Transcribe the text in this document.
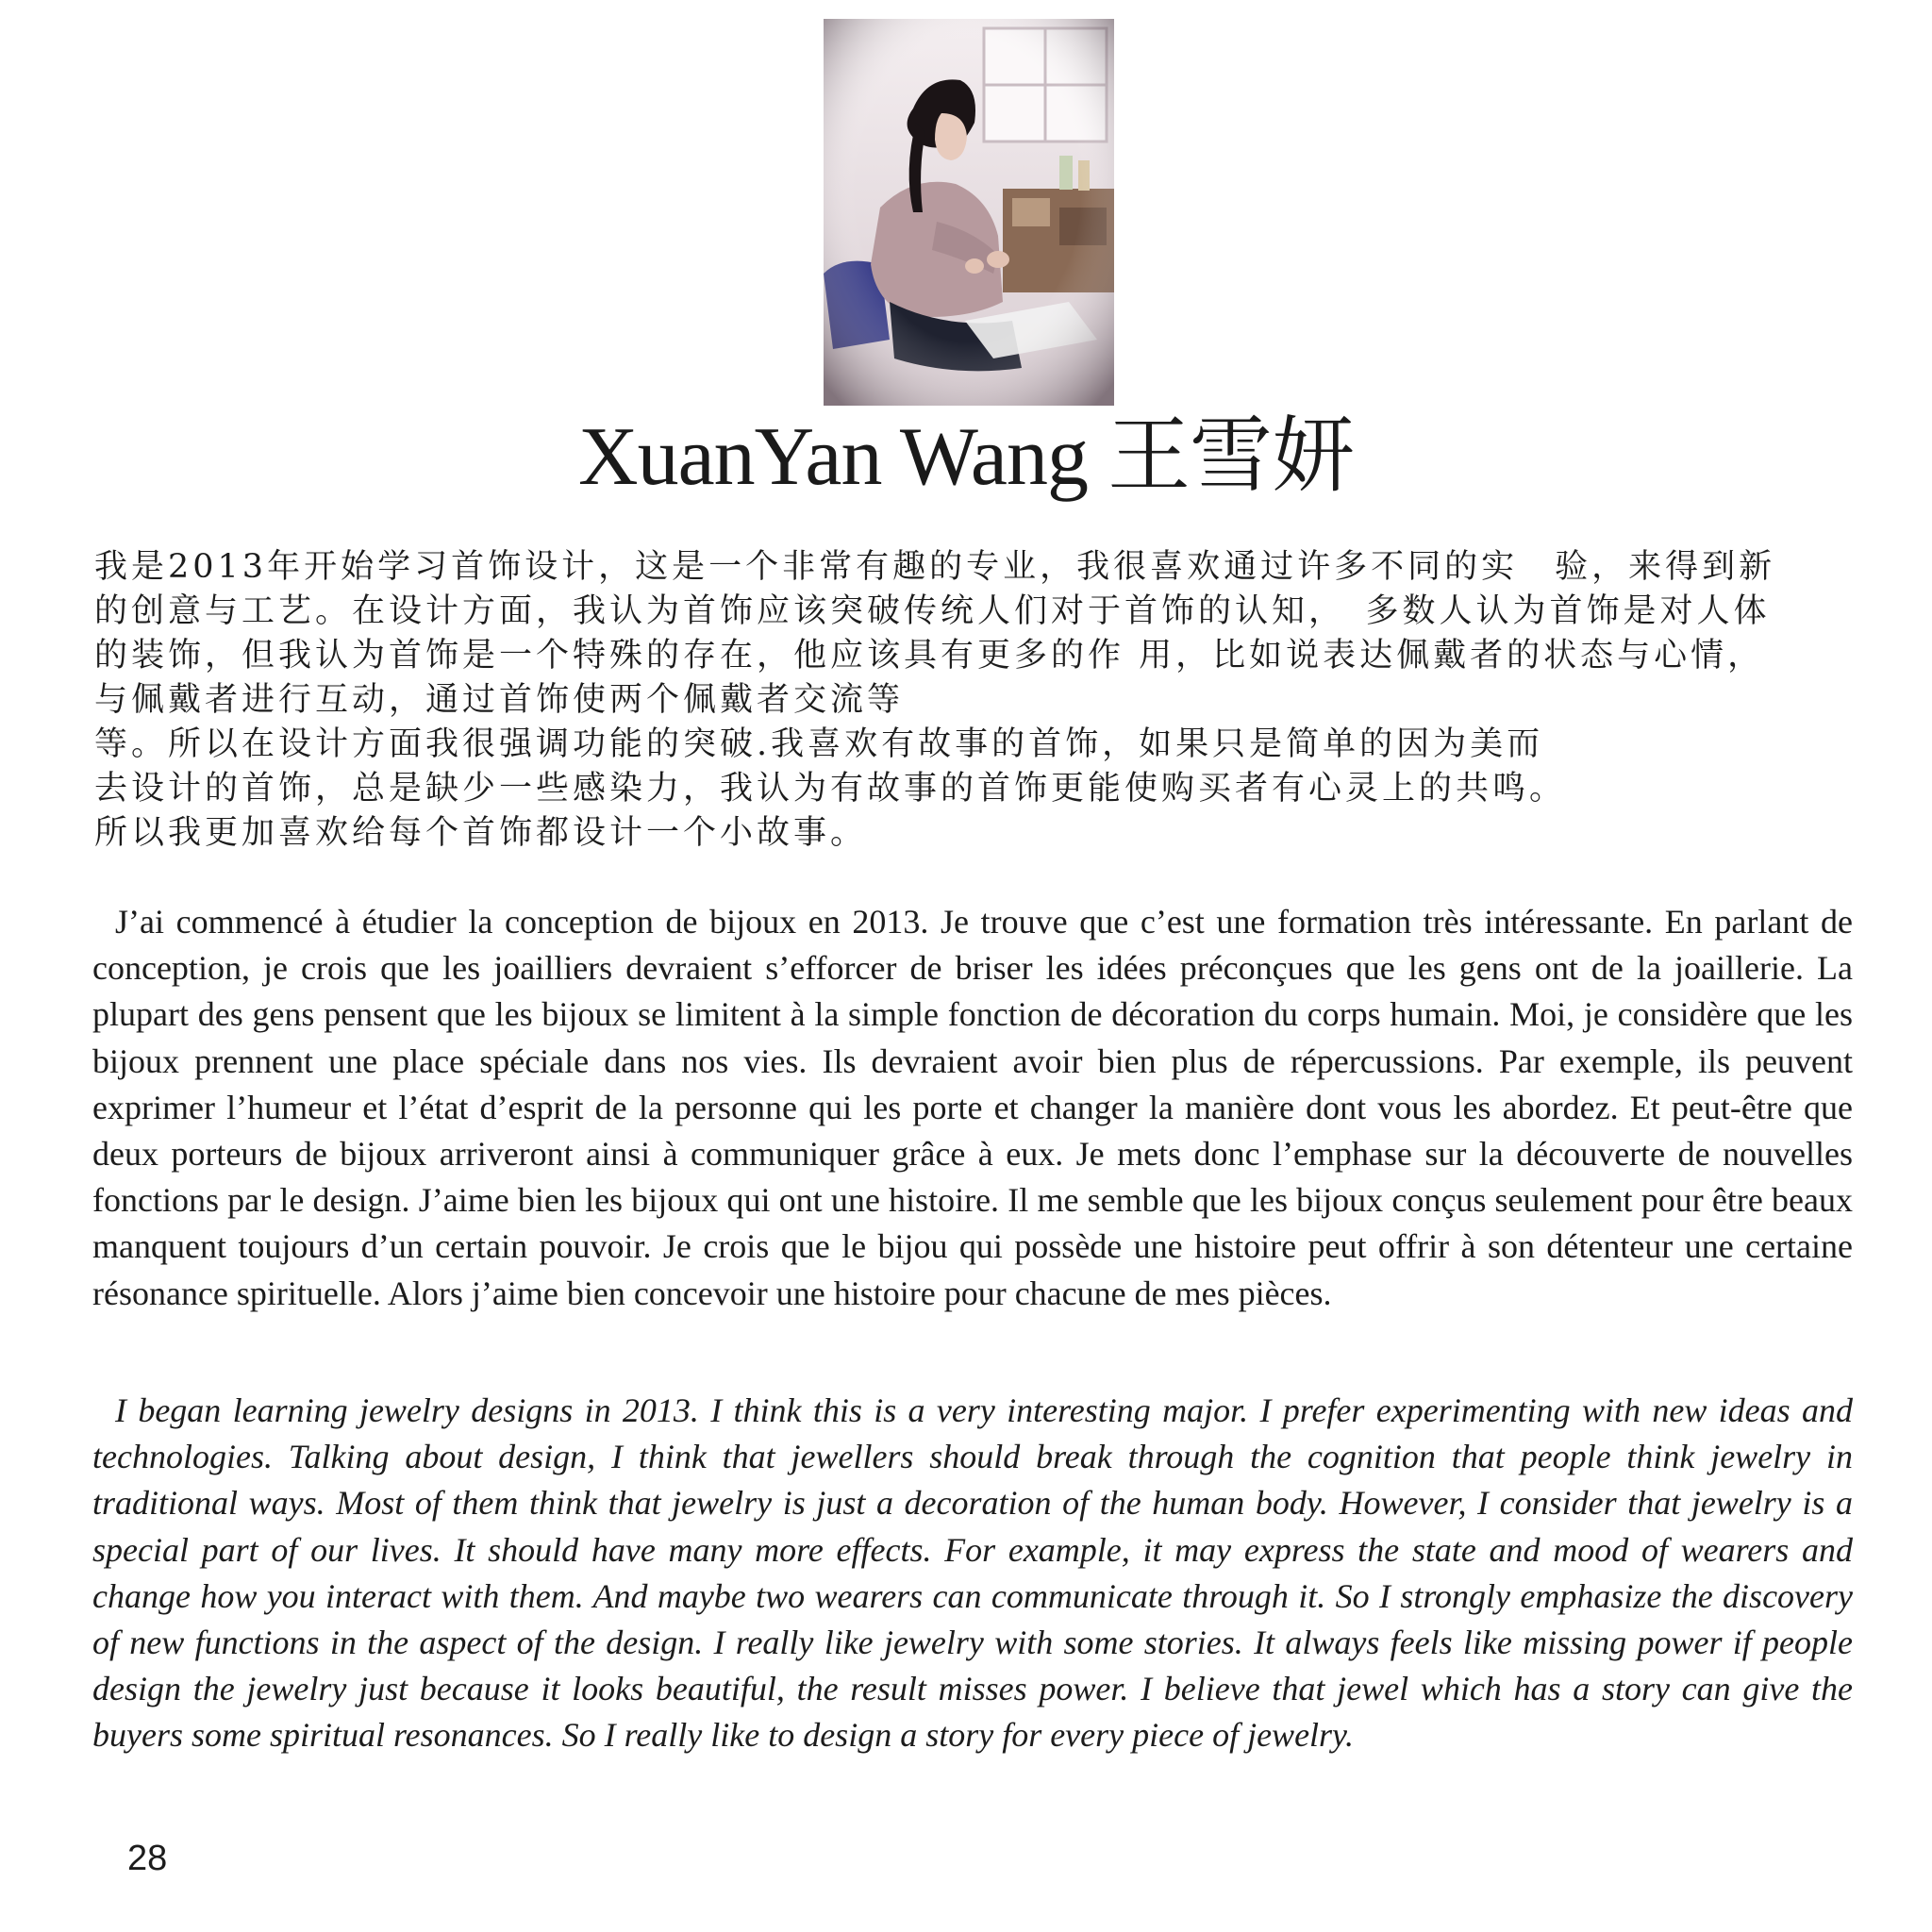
XuanYan Wang 王雪妍
我是2013年开始学习首饰设计，这是一个非常有趣的专业，我很喜欢通过许多不同的实　验，来得到新
的创意与工艺。在设计方面，我认为首饰应该突破传统人们对于首饰的认知，　多数人认为首饰是对人体
的装饰，但我认为首饰是一个特殊的存在，他应该具有更多的作 用，比如说表达佩戴者的状态与心情，
与佩戴者进行互动，通过首饰使两个佩戴者交流等
等。所以在设计方面我很强调功能的突破.我喜欢有故事的首饰，如果只是简单的因为美而
去设计的首饰，总是缺少一些感染力，我认为有故事的首饰更能使购买者有心灵上的共鸣。
所以我更加喜欢给每个首饰都设计一个小故事。

J’ai commencé à étudier la conception de bijoux en 2013. Je trouve que c’est une formation très intéressante. En parlant de conception, je crois que les joailliers devraient s’efforcer de briser les idées préconçues que les gens ont de la joaillerie. La plupart des gens pensent que les bijoux se limitent à la simple fonction de décoration du corps humain. Moi, je considère que les bijoux prennent une place spéciale dans nos vies. Ils devraient avoir bien plus de répercussions. Par exemple, ils peuvent exprimer l’humeur et l’état d’esprit de la personne qui les porte et changer la manière dont vous les abordez. Et peut-être que deux porteurs de bijoux arriveront ainsi à communiquer grâce à eux. Je mets donc l’emphase sur la découverte de nouvelles fonctions par le design. J’aime bien les bijoux qui ont une histoire. Il me semble que les bijoux conçus seulement pour être beaux manquent toujours d’un certain pouvoir. Je crois que le bijou qui possède une histoire peut offrir à son détenteur une certaine résonance spirituelle. Alors j’aime bien concevoir une histoire pour chacune de mes pièces.

I began learning jewelry designs in 2013. I think this is a very interesting major. I prefer experimenting with new ideas and technologies. Talking about design, I think that jewellers should break through the cognition that people think jewelry in traditional ways. Most of them think that jewelry is just a decoration of the human body. However, I consider that jewelry is a special part of our lives. It should have many more effects. For example, it may express the state and mood of wearers and change how you interact with them. And maybe two wearers can communicate through it. So I strongly emphasize the discovery of new functions in the aspect of the design. I really like jewelry with some stories. It always feels like missing power if people design the jewelry just because it looks beautiful, the result misses power. I believe that jewel which has a story can give the buyers some spiritual resonances. So I really like to design a story for every piece of jewelry.

28
